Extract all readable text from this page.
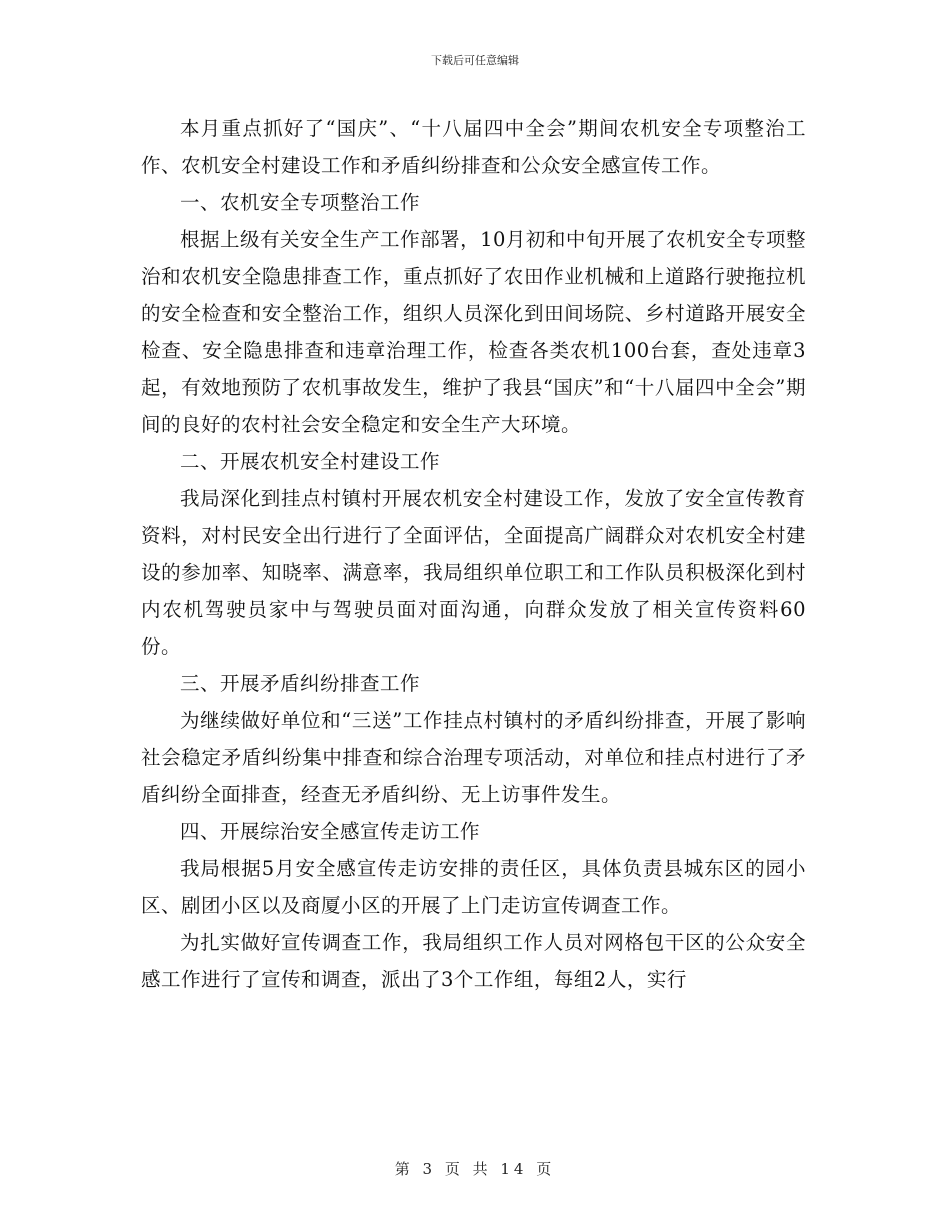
下载后可任意编辑

本月重点抓好了“国庆”、“十八届四中全会”期间农机安全专项整治工作、农机安全村建设工作和矛盾纠纷排查和公众安全感宣传工作。

一、农机安全专项整治工作

根据上级有关安全生产工作部署，10月初和中旬开展了农机安全专项整治和农机安全隐患排查工作，重点抓好了农田作业机械和上道路行驶拖拉机的安全检查和安全整治工作，组织人员深化到田间场院、乡村道路开展安全检查、安全隐患排查和违章治理工作，检查各类农机100台套，查处违章3起，有效地预防了农机事故发生，维护了我县“国庆”和“十八届四中全会”期间的良好的农村社会安全稳定和安全生产大环境。

二、开展农机安全村建设工作

我局深化到挂点村镇村开展农机安全村建设工作，发放了安全宣传教育资料，对村民安全出行进行了全面评估，全面提高广阔群众对农机安全村建设的参加率、知晓率、满意率，我局组织单位职工和工作队员积极深化到村内农机驾驶员家中与驾驶员面对面沟通，向群众发放了相关宣传资料60份。

三、开展矛盾纠纷排查工作

为继续做好单位和“三送”工作挂点村镇村的矛盾纠纷排查，开展了影响社会稳定矛盾纠纷集中排查和综合治理专项活动，对单位和挂点村进行了矛盾纠纷全面排查，经查无矛盾纠纷、无上访事件发生。

四、开展综治安全感宣传走访工作

我局根据5月安全感宣传走访安排的责任区，具体负责县城东区的园小区、剧团小区以及商厦小区的开展了上门走访宣传调查工作。

为扎实做好宣传调查工作，我局组织工作人员对网格包干区的公众安全感工作进行了宣传和调查，派出了3个工作组，每组2人，实行

第 3 页 共 14 页
